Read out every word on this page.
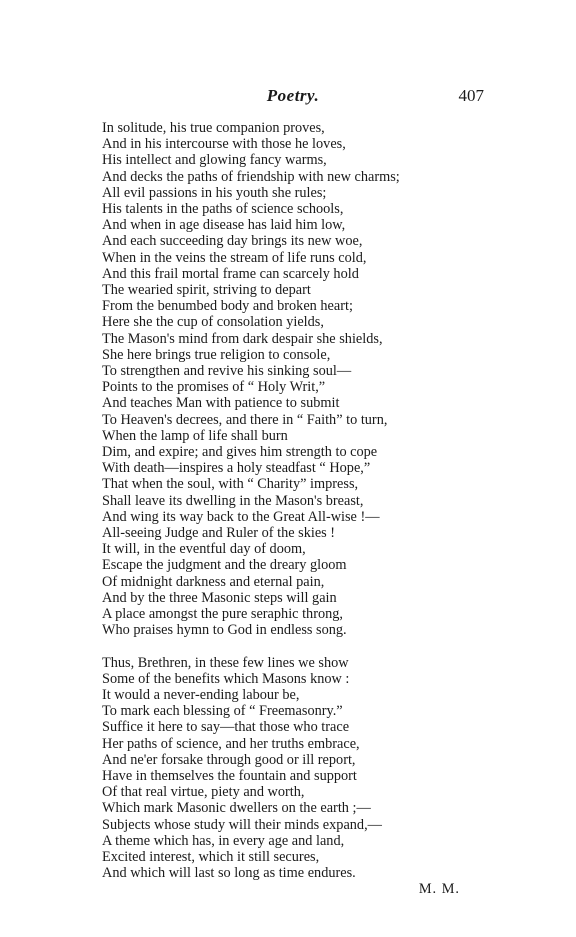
Poetry.	407
In solitude, his true companion proves,
And in his intercourse with those he loves,
His intellect and glowing fancy warms,
And decks the paths of friendship with new charms;
All evil passions in his youth she rules;
His talents in the paths of science schools,
And when in age disease has laid him low,
And each succeeding day brings its new woe,
When in the veins the stream of life runs cold,
And this frail mortal frame can scarcely hold
The wearied spirit, striving to depart
From the benumbed body and broken heart;
Here she the cup of consolation yields,
The Mason's mind from dark despair she shields,
She here brings true religion to console,
To strengthen and revive his sinking soul—
Points to the promises of “ Holy Writ,”
And teaches Man with patience to submit
To Heaven's decrees, and there in “ Faith” to turn,
When the lamp of life shall burn
Dim, and expire; and gives him strength to cope
With death—inspires a holy steadfast “ Hope,”
That when the soul, with “ Charity” impress,
Shall leave its dwelling in the Mason's breast,
And wing its way back to the Great All-wise !—
All-seeing Judge and Ruler of the skies !
It will, in the eventful day of doom,
Escape the judgment and the dreary gloom
Of midnight darkness and eternal pain,
And by the three Masonic steps will gain
A place amongst the pure seraphic throng,
Who praises hymn to God in endless song.
Thus, Brethren, in these few lines we show
Some of the benefits which Masons know :
It would a never-ending labour be,
To mark each blessing of “ Freemasonry.”
Suffice it here to say—that those who trace
Her paths of science, and her truths embrace,
And ne'er forsake through good or ill report,
Have in themselves the fountain and support
Of that real virtue, piety and worth,
Which mark Masonic dwellers on the earth ;—
Subjects whose study will their minds expand,—
A theme which has, in every age and land,
Excited interest, which it still secures,
And which will last so long as time endures.
M. M.
